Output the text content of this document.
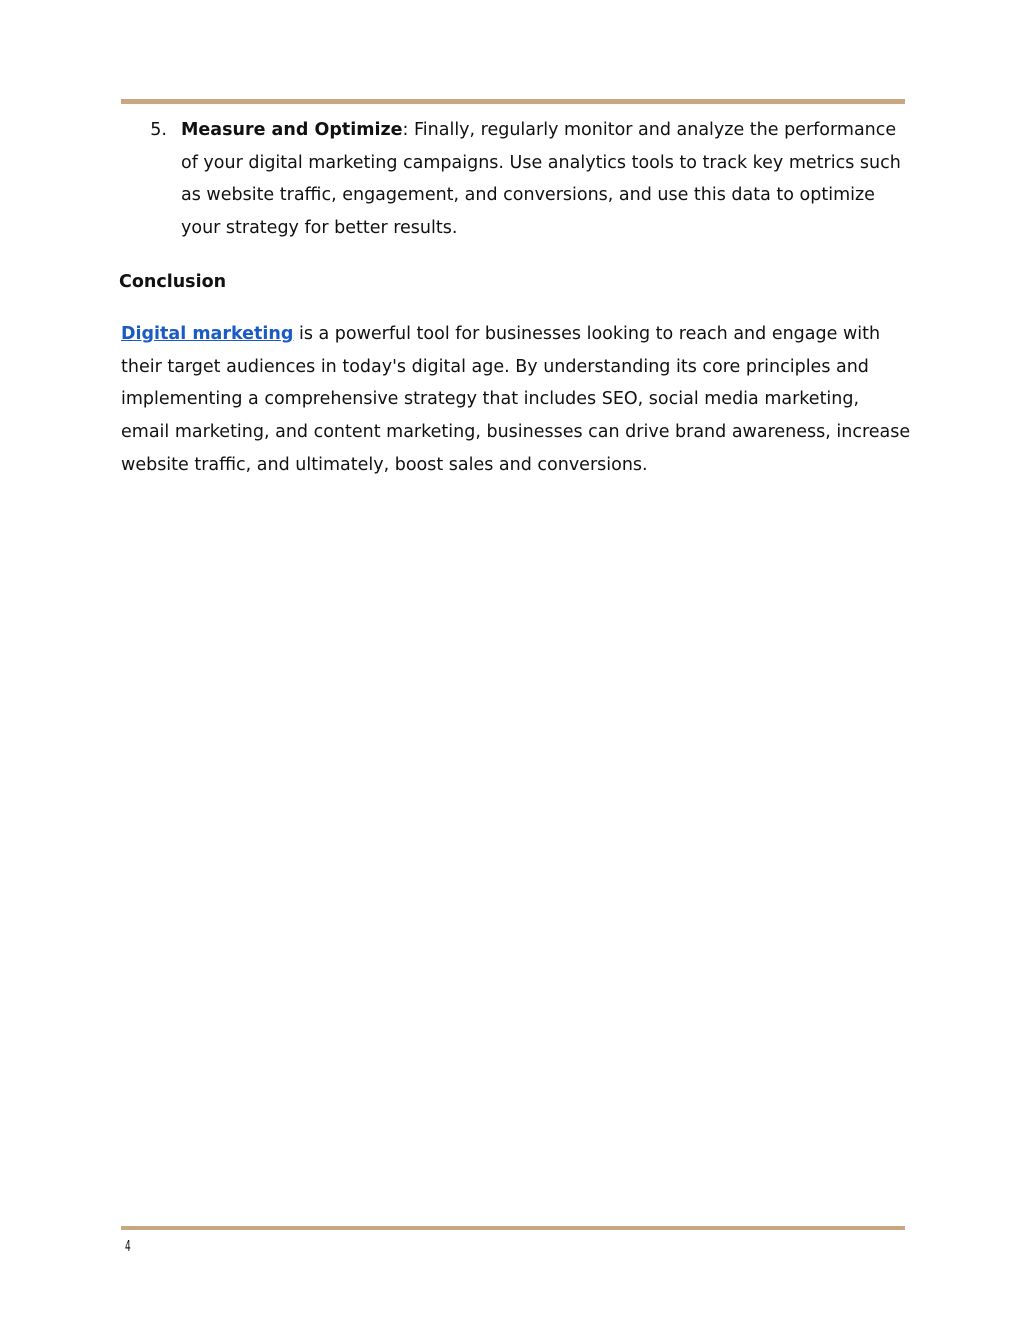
5. Measure and Optimize: Finally, regularly monitor and analyze the performance of your digital marketing campaigns. Use analytics tools to track key metrics such as website traffic, engagement, and conversions, and use this data to optimize your strategy for better results.
Conclusion
Digital marketing is a powerful tool for businesses looking to reach and engage with their target audiences in today's digital age. By understanding its core principles and implementing a comprehensive strategy that includes SEO, social media marketing, email marketing, and content marketing, businesses can drive brand awareness, increase website traffic, and ultimately, boost sales and conversions.
4
